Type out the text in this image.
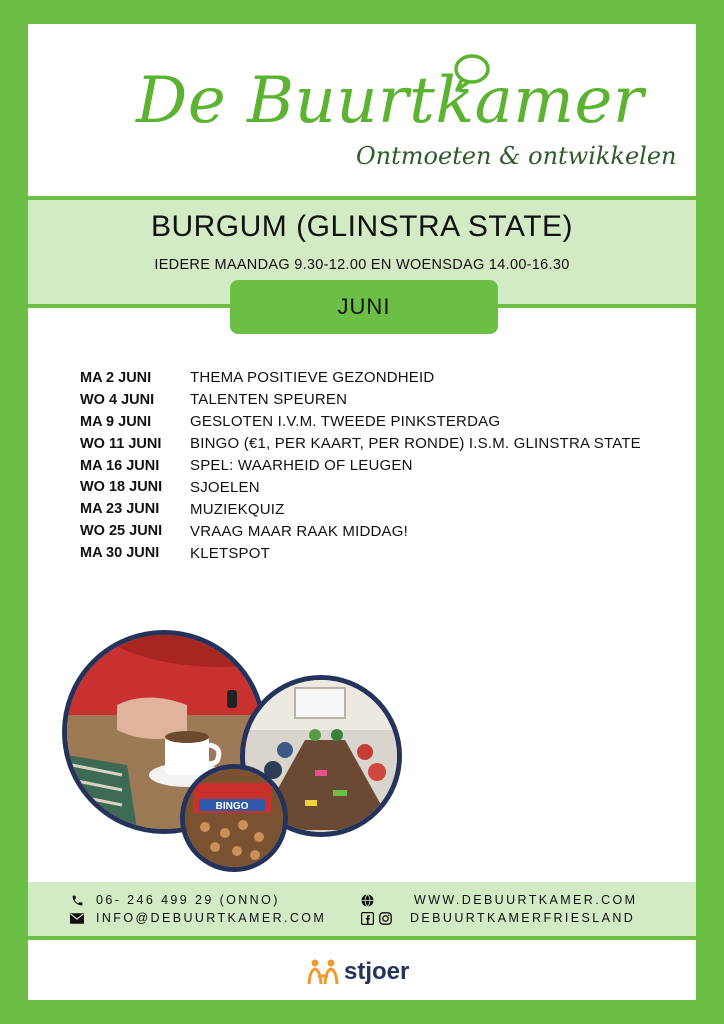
De Buurtkamer
Ontmoeten & ontwikkelen
BURGUM (GLINSTRA STATE)
IEDERE MAANDAG 9.30-12.00 EN WOENSDAG 14.00-16.30
JUNI
MA 2 JUNI	THEMA POSITIEVE GEZONDHEID
WO 4 JUNI	TALENTEN SPEUREN
MA 9 JUNI	GESLOTEN I.V.M. TWEEDE PINKSTERDAG
WO 11 JUNI	BINGO (€1, PER KAART, PER RONDE) I.S.M. GLINSTRA STATE
MA 16 JUNI	SPEL: WAARHEID OF LEUGEN
WO 18 JUNI	SJOELEN
MA 23 JUNI	MUZIEKQUIZ
WO 25 JUNI	VRAAG MAAR RAAK MIDDAG!
MA 30 JUNI	KLETSPOT
BINGO
06- 246 499 29 (ONNO)
INFO@DEBUURTKAMER.COM
WWW.DEBUURTKAMER.COM
DEBUURTKAMERFRIESLAND
stjoer
